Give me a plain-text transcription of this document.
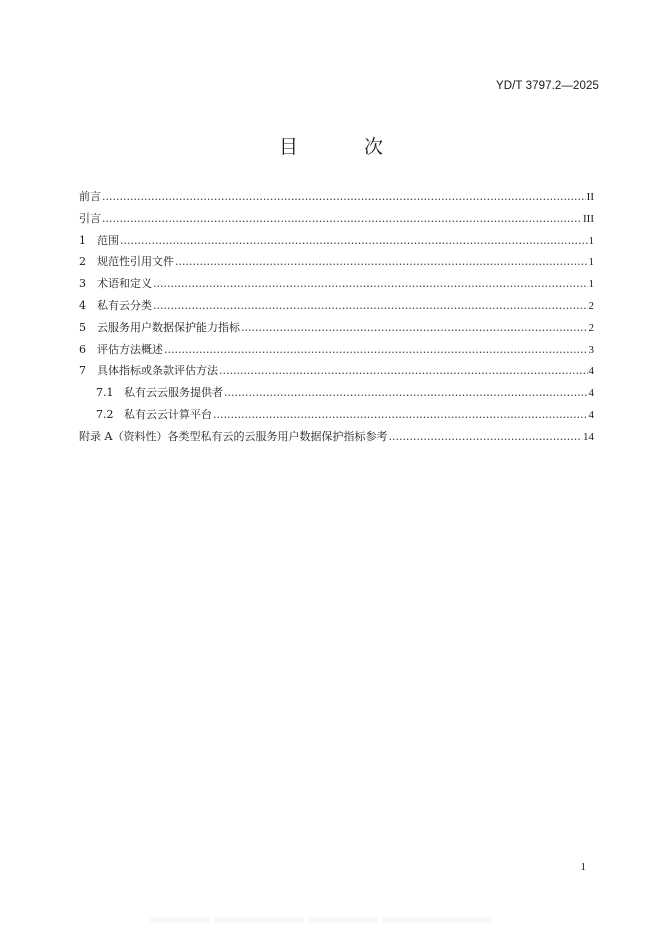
YD/T 3797.2—2025
目 次
前言 .....	II
引言 .....	III
1	范围 .....	1
2	规范性引用文件 .....	1
3	术语和定义 .....	1
4	私有云分类 .....	2
5	云服务用户数据保护能力指标 .....	2
6	评估方法概述 .....	3
7	具体指标或条款评估方法 .....	4
7.1 私有云云服务提供者 .....	4
7.2 私有云云计算平台 .....	4
附录 A（资料性）各类型私有云的云服务用户数据保护指标参考 .....	14
1
